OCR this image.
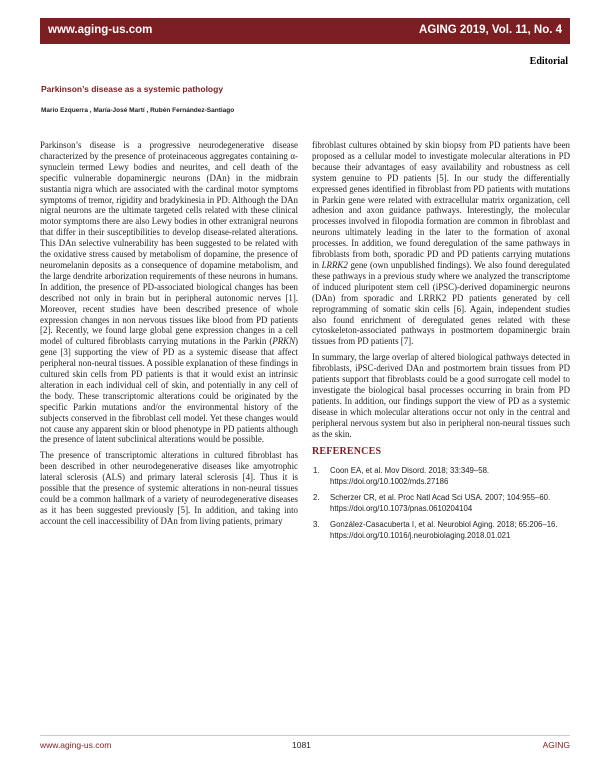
www.aging-us.com	AGING 2019, Vol. 11, No. 4
Editorial
Parkinson’s disease as a systemic pathology
Mario Ezquerra , María-José Martí , Rubén Fernández-Santiago

Parkinson’s disease is a progressive neurodegenerative disease characterized by the presence of proteinaceous aggregates containing α-synuclein termed Lewy bodies and neurites, and cell death of the specific vulnerable dopaminergic neurons (DAn) in the midbrain sustantia nigra which are associated with the cardinal motor symptoms symptoms of tremor, rigidity and bradykinesia in PD. Although the DAn nigral neurons are the ultimate targeted cells related with these clinical motor symptoms there are also Lewy bodies in other extranigral neurons that differ in their susceptibilities to develop disease-related alterations. This DAn selective vulnerability has been suggested to be related with the oxidative stress caused by metabolism of dopamine, the presence of neuromelanin deposits as a consequence of dopamine metabolism, and the large dendrite arborization requirements of these neurons in humans. In addition, the presence of PD-associated biological changes has been described not only in brain but in peripheral autonomic nerves [1]. Moreover, recent studies have been described presence of whole expression changes in non nervous tissues like blood from PD patients [2]. Recently, we found large global gene expression changes in a cell model of cultured fibroblasts carrying mutations in the Parkin (PRKN) gene [3] supporting the view of PD as a systemic disease that affect peripheral non-neural tissues. A possible explanation of these findings in cultured skin cells from PD patients is that it would exist an intrinsic alteration in each individual cell of skin, and potentially in any cell of the body. These transcriptomic alterations could be originated by the specific Parkin mutations and/or the environmental history of the subjects conserved in the fibroblast cell model. Yet these changes would not cause any apparent skin or blood phenotype in PD patients although the presence of latent subclinical alterations would be possible.

The presence of transcriptomic alterations in cultured fibroblast has been described in other neurodegenerative diseases like amyotrophic lateral sclerosis (ALS) and primary lateral sclerosis [4]. Thus it is possible that the presence of systemic alterations in non-neural tissues could be a common hallmark of a variety of neurodegenerative diseases as it has been suggested previously [5]. In addition, and taking into account the cell inaccessibility of DAn from living patients, primary

fibroblast cultures obtained by skin biopsy from PD patients have been proposed as a cellular model to investigate molecular alterations in PD because their advantages of easy availability and robustness as cell system genuine to PD patients [5]. In our study the differentially expressed genes identified in fibroblast from PD patients with mutations in Parkin gene were related with extracellular matrix organization, cell adhesion and axon guidance pathways. Interestingly, the molecular processes involved in filopodia formation are common in fibroblast and neurons ultimately leading in the later to the formation of axonal processes. In addition, we found deregulation of the same pathways in fibroblasts from both, sporadic PD and PD patients carrying mutations in LRRK2 gene (own unpublished findings). We also found deregulated these pathways in a previous study where we analyzed the transcriptome of induced pluripotent stem cell (iPSC)-derived dopaminergic neurons (DAn) from sporadic and LRRK2 PD patients generated by cell reprogramming of somatic skin cells [6]. Again, independent studies also found enrichment of deregulated genes related with these cytoskeleton-associated pathways in postmortem dopaminergic brain tissues from PD patients [7].

In summary, the large overlap of altered biological pathways detected in fibroblasts, iPSC-derived DAn and postmortem brain tissues from PD patients support that fibroblasts could be a good surrogate cell model to investigate the biological basal processes occurring in brain from PD patients. In addition, our findings support the view of PD as a systemic disease in which molecular alterations occur not only in the central and peripheral nervous system but also in peripheral non-neural tissues such as the skin.

REFERENCES
1. Coon EA, et al. Mov Disord. 2018; 33:349–58. https://doi.org/10.1002/mds.27186
2. Scherzer CR, et al. Proc Natl Acad Sci USA. 2007; 104:955–60. https://doi.org/10.1073/pnas.0610204104
3. González-Casacuberta I, et al. Neurobiol Aging. 2018; 65:206–16. https://doi.org/10.1016/j.neurobiolaging.2018.01.021
www.aging-us.com	1081	AGING
